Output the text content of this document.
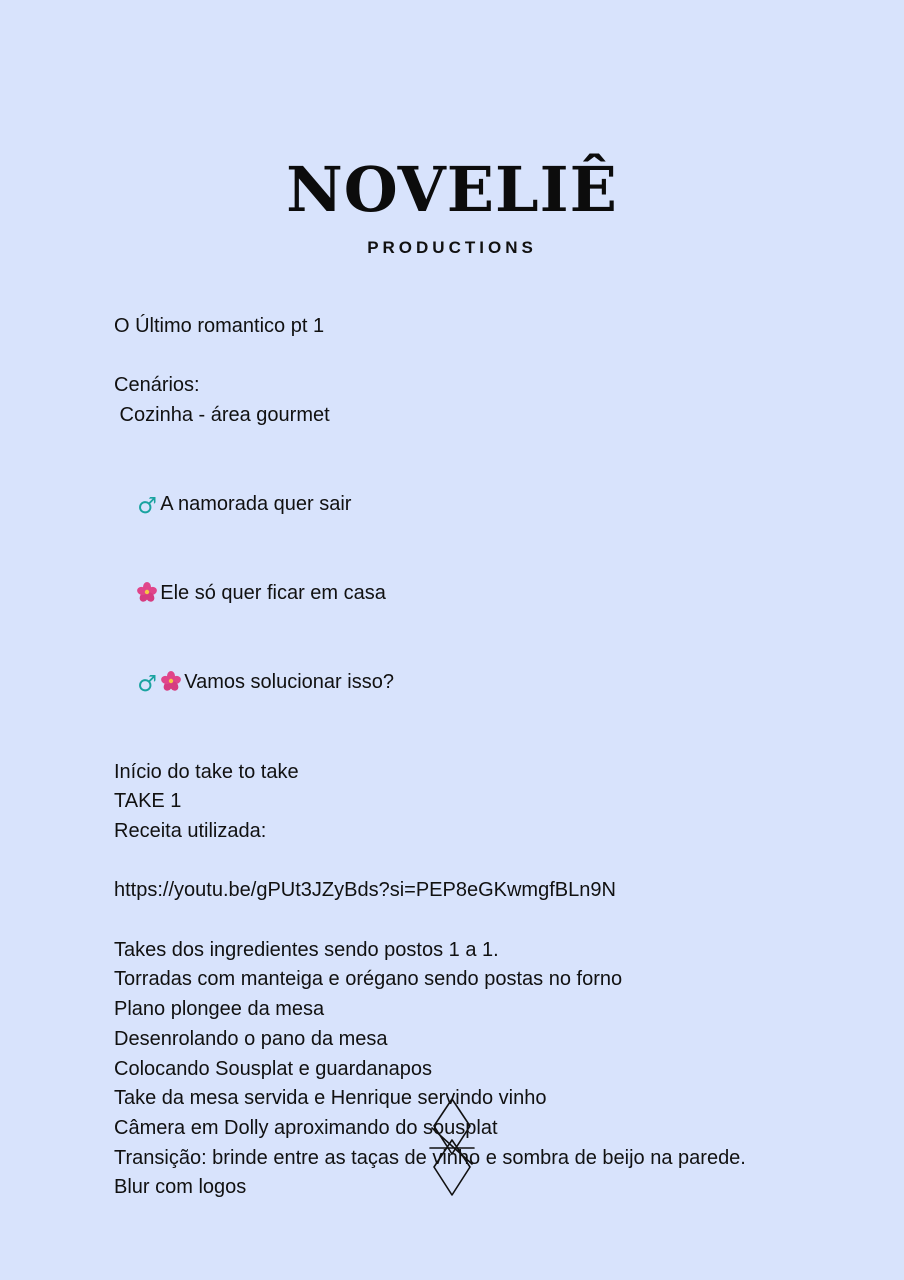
NOVELIÊ
PRODUCTIONS
O Último romantico pt 1
Cenários:
Cozinha - área gourmet

♂ A namorada quer sair

Ele só quer ficar em casa

♂ Vamos solucionar isso?

Início do take to take
TAKE 1
Receita utilizada:
https://youtu.be/gPUt3JZyBds?si=PEP8eGKwmgfBLn9N
Takes dos ingredientes sendo postos 1 a 1.
Torradas com manteiga e orégano sendo postas no forno
Plano plongee da mesa
Desenrolando o pano da mesa
Colocando Sousplat e guardanapos
Take da mesa servida e Henrique servindo vinho
Câmera em Dolly aproximando do sousplat
Transição: brinde entre as taças de vinho e sombra de beijo na parede.
Blur com logos
